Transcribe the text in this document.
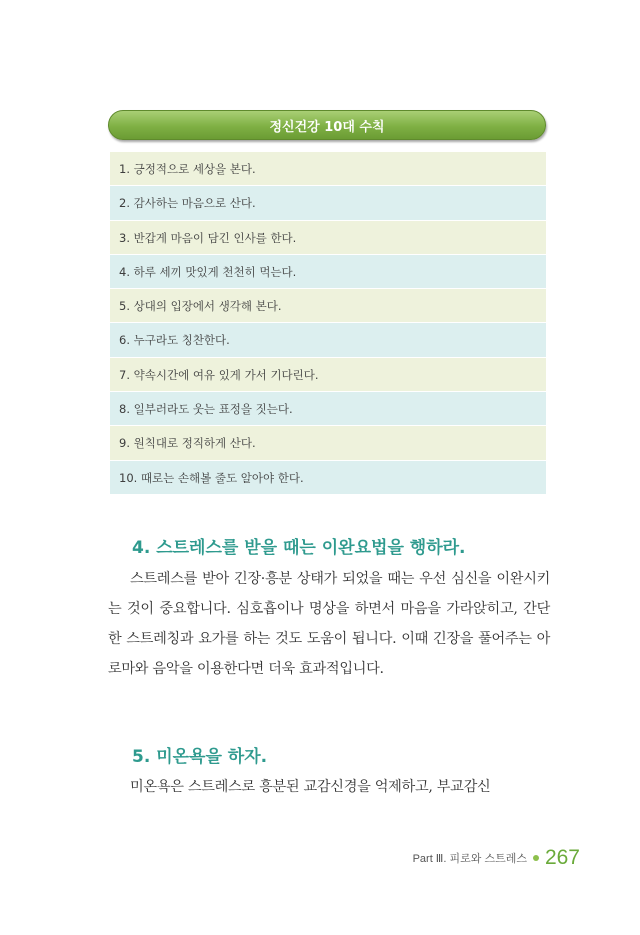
정신건강 10대 수칙
1. 긍정적으로 세상을 본다.
2. 감사하는 마음으로 산다.
3. 반갑게 마음이 담긴 인사를 한다.
4. 하루 세끼 맛있게 천천히 먹는다.
5. 상대의 입장에서 생각해 본다.
6. 누구라도 칭찬한다.
7. 약속시간에 여유 있게 가서 기다린다.
8. 일부러라도 웃는 표정을 짓는다.
9. 원칙대로 정직하게 산다.
10. 때로는 손해볼 줄도 알아야 한다.
4. 스트레스를 받을 때는 이완요법을 행하라.

스트레스를 받아 긴장·흥분 상태가 되었을 때는 우선 심신을 이완시키는 것이 중요합니다. 심호흡이나 명상을 하면서 마음을 가라앉히고, 간단한 스트레칭과 요가를 하는 것도 도움이 됩니다. 이때 긴장을 풀어주는 아로마와 음악을 이용한다면 더욱 효과적입니다.

5. 미온욕을 하자.

미온욕은 스트레스로 흥분된 교감신경을 억제하고, 부교감신

Part Ⅲ. 피로와 스트레스 267
